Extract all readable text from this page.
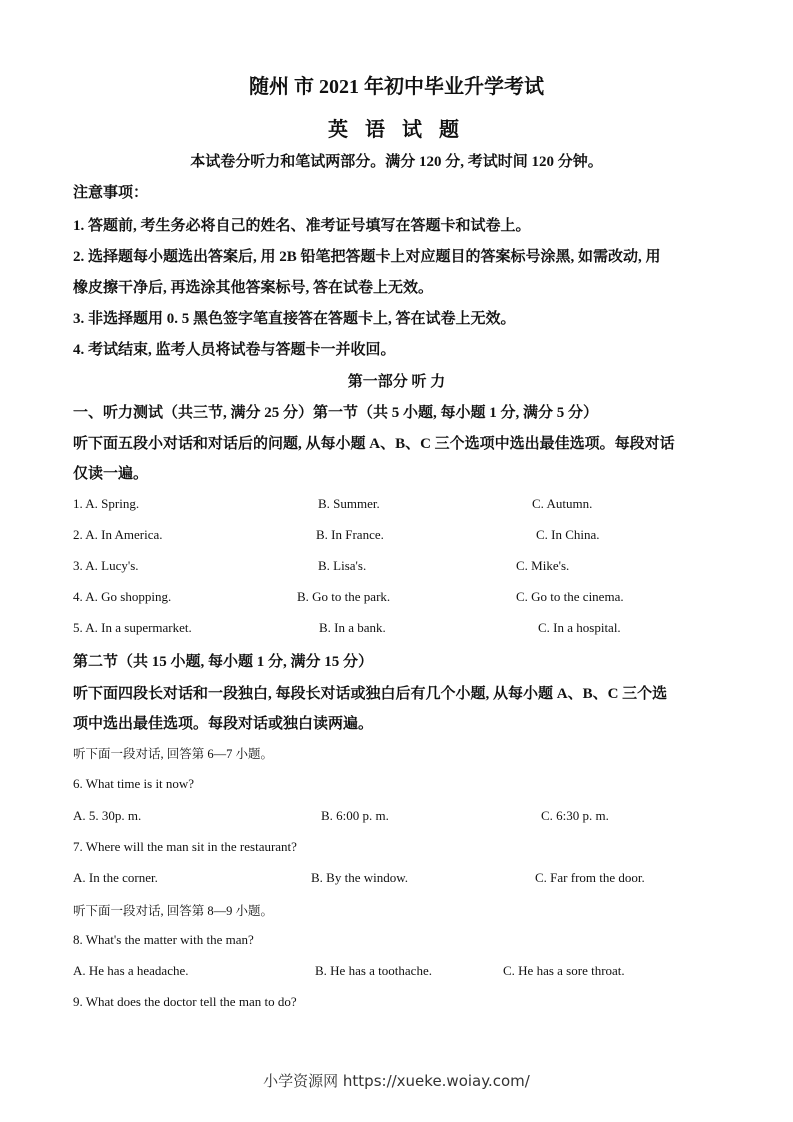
随州 市 2021 年初中毕业升学考试
英 语 试 题
本试卷分听力和笔试两部分。满分 120 分, 考试时间 120 分钟。
注意事项：
1. 答题前, 考生务必将自己的姓名、准考证号填写在答题卡和试卷上。
2. 选择题每小题选出答案后, 用 2B 铅笔把答题卡上对应题目的答案标号涂黑, 如需改动, 用
橡皮擦干净后, 再选涂其他答案标号, 答在试卷上无效。
3. 非选择题用 0. 5 黑色签字笔直接答在答题卡上, 答在试卷上无效。
4. 考试结束, 监考人员将试卷与答题卡一并收回。
第一部分 听 力
一、听力测试（共三节, 满分 25 分）第一节（共 5 小题, 每小题 1 分, 满分 5 分）
听下面五段小对话和对话后的问题, 从每小题 A、B、C 三个选项中选出最佳选项。每段对话
仅读一遍。
1. A. Spring.	B. Summer.	C. Autumn.
2. A. In America.	B. In France.	C. In China.
3. A. Lucy's.	B. Lisa's.	C. Mike's.
4. A. Go shopping.	B. Go to the park.	C. Go to the cinema.
5. A. In a supermarket.	B. In a bank.	C. In a hospital.
第二节（共 15 小题, 每小题 1 分, 满分 15 分）
听下面四段长对话和一段独白, 每段长对话或独白后有几个小题, 从每小题 A、B、C 三个选
项中选出最佳选项。每段对话或独白读两遍。
听下面一段对话, 回答第 6—7 小题。
6. What time is it now?
A. 5. 30p. m.	B. 6:00 p. m.	C. 6:30 p. m.
7. Where will the man sit in the restaurant?
A. In the corner.	B. By the window.	C. Far from the door.
听下面一段对话, 回答第 8—9 小题。
8. What's the matter with the man?
A. He has a headache.	B. He has a toothache.	C. He has a sore throat.
9. What does the doctor tell the man to do?
小学资源网 https://xueke.woiay.com/
